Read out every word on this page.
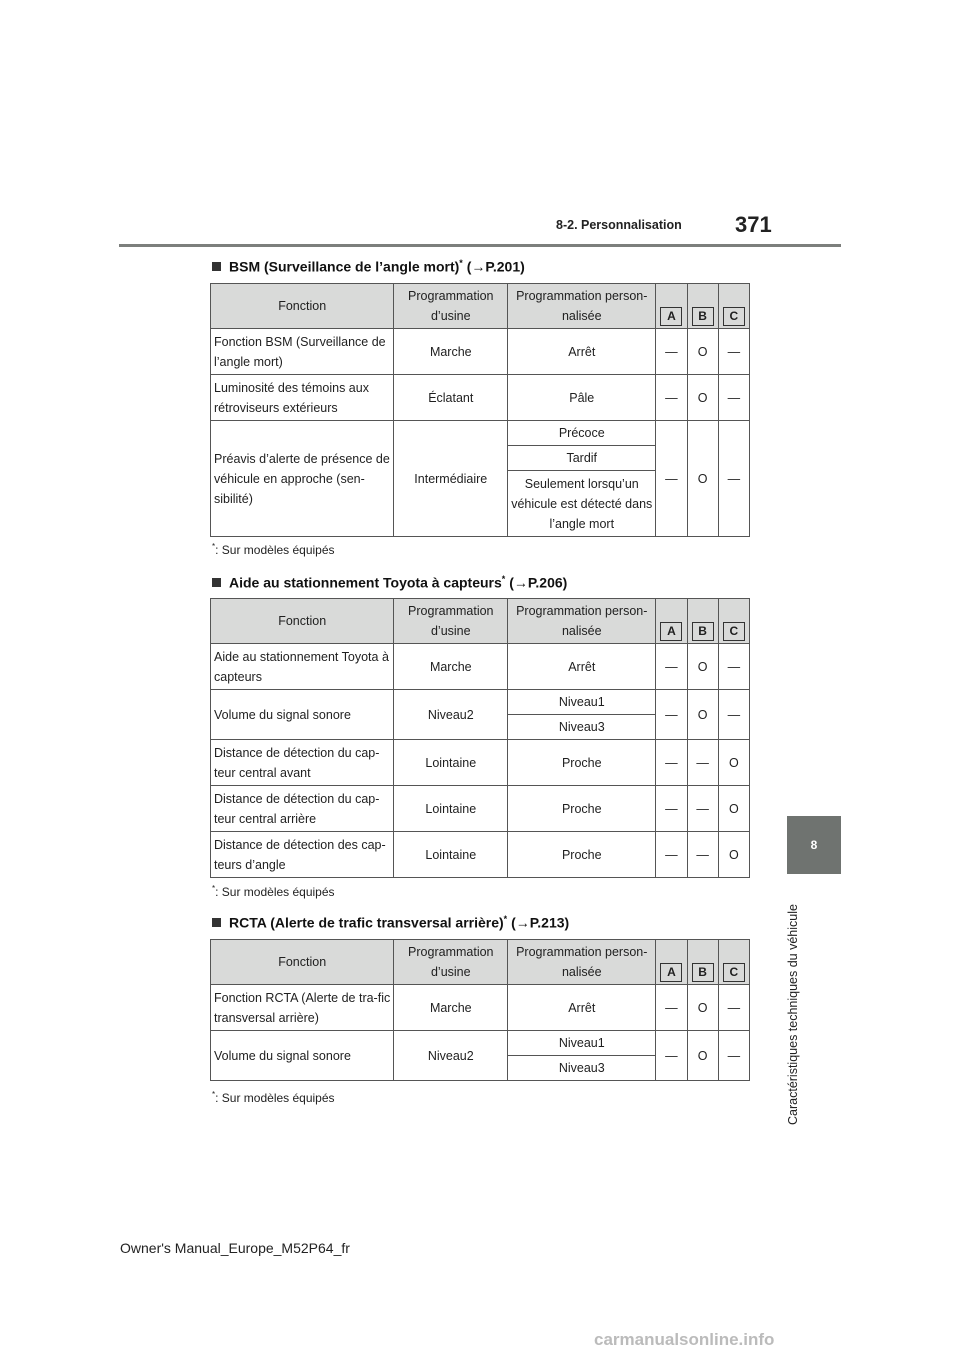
8-2. Personnalisation 371
8
Caractéristiques techniques du véhicule
BSM (Surveillance de l’angle mort)* (→P.201)
Fonction	Programmation d’usine	Programmation person-nalisée	A	B	C
Fonction BSM (Surveillance de l’angle mort)	Marche	Arrêt	—	O	—
Luminosité des témoins aux rétroviseurs extérieurs	Éclatant	Pâle	—	O	—
Préavis d’alerte de présence de véhicule en approche (sen-sibilité)	Intermédiaire	Précoce	—	O	—
		Tardif			
		Seulement lorsqu’un véhicule est détecté dans l’angle mort			
*: Sur modèles équipés
Aide au stationnement Toyota à capteurs* (→P.206)
Fonction	Programmation d’usine	Programmation person-nalisée	A	B	C
Aide au stationnement Toyota à capteurs	Marche	Arrêt	—	O	—
Volume du signal sonore	Niveau2	Niveau1	—	O	—
		Niveau3			
Distance de détection du cap-teur central avant	Lointaine	Proche	—	—	O
Distance de détection du cap-teur central arrière	Lointaine	Proche	—	—	O
Distance de détection des cap-teurs d’angle	Lointaine	Proche	—	—	O
*: Sur modèles équipés
RCTA (Alerte de trafic transversal arrière)* (→P.213)
Fonction	Programmation d’usine	Programmation person-nalisée	A	B	C
Fonction RCTA (Alerte de tra-fic transversal arrière)	Marche	Arrêt	—	O	—
Volume du signal sonore	Niveau2	Niveau1	—	O	—
		Niveau3			
*: Sur modèles équipés
Owner's Manual_Europe_M52P64_fr
carmanualsonline.info
